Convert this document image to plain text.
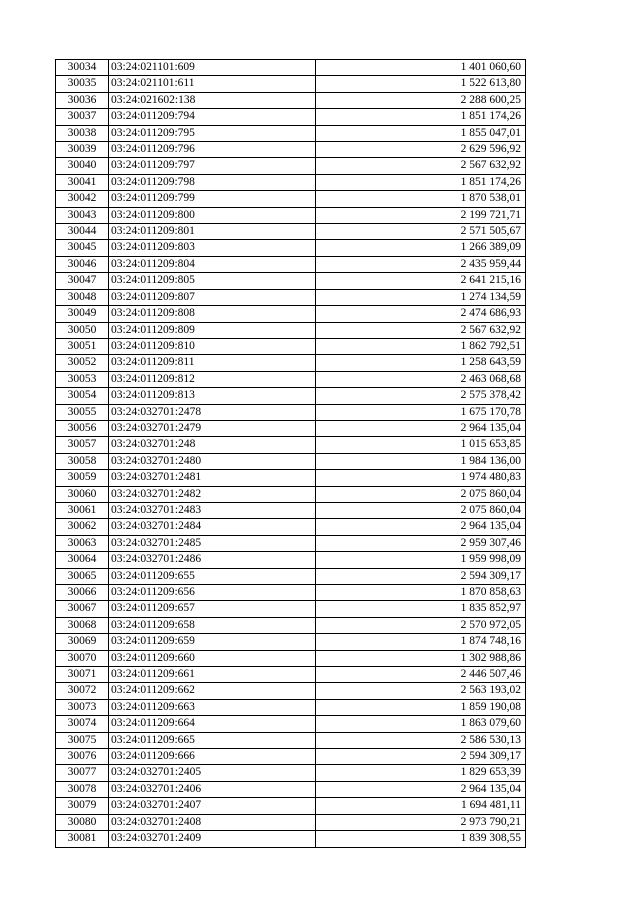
30034	03:24:021101:609	1 401 060,60
30035	03:24:021101:611	1 522 613,80
30036	03:24:021602:138	2 288 600,25
30037	03:24:011209:794	1 851 174,26
30038	03:24:011209:795	1 855 047,01
30039	03:24:011209:796	2 629 596,92
30040	03:24:011209:797	2 567 632,92
30041	03:24:011209:798	1 851 174,26
30042	03:24:011209:799	1 870 538,01
30043	03:24:011209:800	2 199 721,71
30044	03:24:011209:801	2 571 505,67
30045	03:24:011209:803	1 266 389,09
30046	03:24:011209:804	2 435 959,44
30047	03:24:011209:805	2 641 215,16
30048	03:24:011209:807	1 274 134,59
30049	03:24:011209:808	2 474 686,93
30050	03:24:011209:809	2 567 632,92
30051	03:24:011209:810	1 862 792,51
30052	03:24:011209:811	1 258 643,59
30053	03:24:011209:812	2 463 068,68
30054	03:24:011209:813	2 575 378,42
30055	03:24:032701:2478	1 675 170,78
30056	03:24:032701:2479	2 964 135,04
30057	03:24:032701:248	1 015 653,85
30058	03:24:032701:2480	1 984 136,00
30059	03:24:032701:2481	1 974 480,83
30060	03:24:032701:2482	2 075 860,04
30061	03:24:032701:2483	2 075 860,04
30062	03:24:032701:2484	2 964 135,04
30063	03:24:032701:2485	2 959 307,46
30064	03:24:032701:2486	1 959 998,09
30065	03:24:011209:655	2 594 309,17
30066	03:24:011209:656	1 870 858,63
30067	03:24:011209:657	1 835 852,97
30068	03:24:011209:658	2 570 972,05
30069	03:24:011209:659	1 874 748,16
30070	03:24:011209:660	1 302 988,86
30071	03:24:011209:661	2 446 507,46
30072	03:24:011209:662	2 563 193,02
30073	03:24:011209:663	1 859 190,08
30074	03:24:011209:664	1 863 079,60
30075	03:24:011209:665	2 586 530,13
30076	03:24:011209:666	2 594 309,17
30077	03:24:032701:2405	1 829 653,39
30078	03:24:032701:2406	2 964 135,04
30079	03:24:032701:2407	1 694 481,11
30080	03:24:032701:2408	2 973 790,21
30081	03:24:032701:2409	1 839 308,55
